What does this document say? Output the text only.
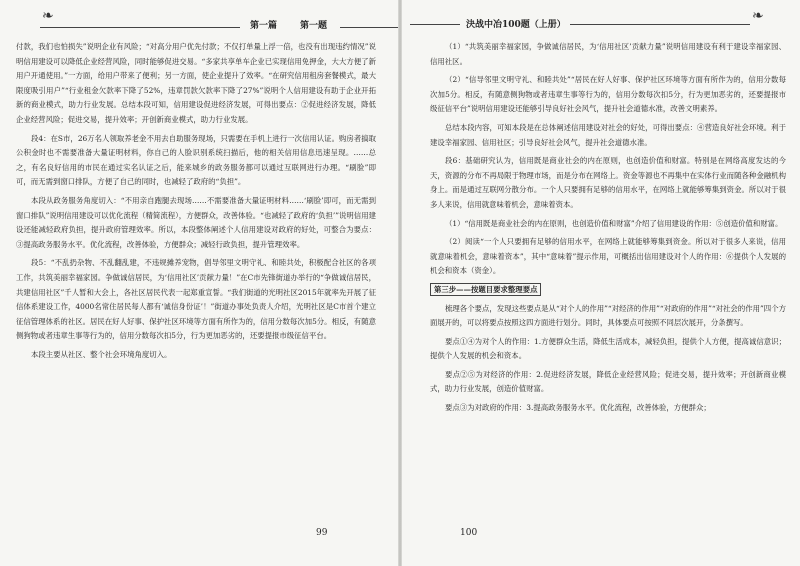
❧
第一篇	第一题

付款，我们也怕损失”说明企业有风险；“对高分用户优先付款；不仅打单量上浮一倍，也没有出现违约情况”说明信用建设可以降低企业经营风险，同时能够促进交易。“多家共享单车企业已实现信用免押金，大大方便了新用户开通使用。”一方面，给用户带来了便利；另一方面，使企业提升了效率。“在研究信用租房套餐模式，最大限度吸引用户”“行业租金欠款率下降了52%，违章罚款欠款率下降了27%”说明个人信用建设有助于企业开拓新的商业模式，助力行业发展。总结本段可知，信用建设促进经济发展，可得出要点：②促进经济发展，降低企业经营风险；促进交易，提升效率；开创新商业模式，助力行业发展。

段4：在S市，26万名人领取养老金不用去自助服务现场，只需要在手机上进行一次信用认证。购房者搞取公积金时也不需要准备大量证明材料，你自己的人脸识别系统扫描后，他的相关信用信息迅速呈现。……总之，有名良好信用的市民在通过实名认证之后，能来城乡的政务服务都可以通过互联网进行办理。“刷脸”即可，而无需到窗口排队，方便了自己的同时，也减轻了政府的“负担”。

本段从政务服务角度切入：“不用亲自跑腿去现场……不需要准备大量证明材料……‘刷脸’即可，而无需到窗口排队”说明信用建设可以优化流程（精简流程），方便群众，改善体验。“也减轻了政府的‘负担’”说明信用建设还能减轻政府负担，提升政府管理效率。所以，本段整体阐述个人信用建设对政府的好处，可整合为要点：③提高政务服务水平。优化流程，改善体验，方便群众；减轻行政负担，提升管理效率。

段5：“不乱扔杂物、不乱翻乱建，不违规摊养宠物，倡导邻里文明守礼、和睦共处，积极配合社区的各项工作，共筑美丽幸福家园。争做诚信居民，为‘信用社区’贡献力量！”在C市先锋街道办举行的“争做诚信居民，共建信用社区”千人暂和大会上，各社区居民代表一起郑重宣誓。“我们街道的光明社区2015年就率先开展了征信体系建设工作，4000名常住居民每人都有‘诚信身份证’！”街道办事处负责人介绍，光明社区是C市首个建立征信管理体系的社区。居民在好人好事、保护社区环境等方面有所作为的，信用分数每次加5分。相反，有随意侧狗物或者违章生事等行为的，信用分数每次扣5分，行为更加恶劣的，还要提报市级征信平台。

本段主要从社区、整个社会环境角度切入。

99
決战中冶100题（上册）
❧

（1）“共筑美丽幸福家园，争做诚信居民，为‘信用社区’贡献力量”说明信用建设有利于建设幸福家园、信用社区。

（2）“信导邻里文明守礼、和睦共处”“居民在好人好事、保护社区环境等方面有所作为的，信用分数每次加5分。相反，有随意侧狗物或者违章生事等行为的，信用分数每次扣5分，行为更加恶劣的，还要提报市级征信平台”说明信用建设还能够引导良好社会风气，提升社会道德水准，改善文明素养。

总结本段内容，可知本段是在总体阐述信用建设对社会的好处，可得出要点：④营造良好社会环境。利于建设幸福家园、信用社区；引导良好社会风气，提升社会道德水准。

段6：基础研究认为，信用既是商业社会的内在原则，也创造价值和财富。特别是在网络高度发达的今天，资源的分布不再局限于物理市场，而是分布在网络上。资金等源也不再集中在实体行业而随各种金融机构身上。而是通过互联网分散分布。一个人只要拥有足够的信用水平，在网络上就能够筹集到资金。所以对于很多人来说，信用就意味着机会，意味着资本。

（1）“信用既是商业社会的内在原则，也创造价值和财富”介绍了信用建设的作用：⑤创造价值和财富。

（2）阅读“一个人只要拥有足够的信用水平，在网络上就能够筹集到资金。所以对于很多人来说，信用就意味着机会，意味着资本”，其中“意味着”提示作用，可概括出信用建设对个人的作用：⑥提供个人发展的机会和资本（资金）。

第三步——按题目要求整理要点

梳理各个要点，发现这些要点是从“对个人的作用”“对经济的作用”“对政府的作用”“对社会的作用”四个方面展开的，可以将要点按照这四方面进行划分。同时，具体要点可按照不同层次展开，分条撰写。

要点①④为对个人的作用：1.方便群众生活，降低生活成本，减轻负担，提供个人方便，提高诚信意识；提供个人发展的机会和资本。

要点②⑤为对经济的作用：2.促进经济发展，降低企业经营风险；促进交易，提升效率；开创新商业模式，助力行业发展，创造价值财富。

要点③为对政府的作用：3.提高政务服务水平。优化流程，改善体验，方便群众；

100
